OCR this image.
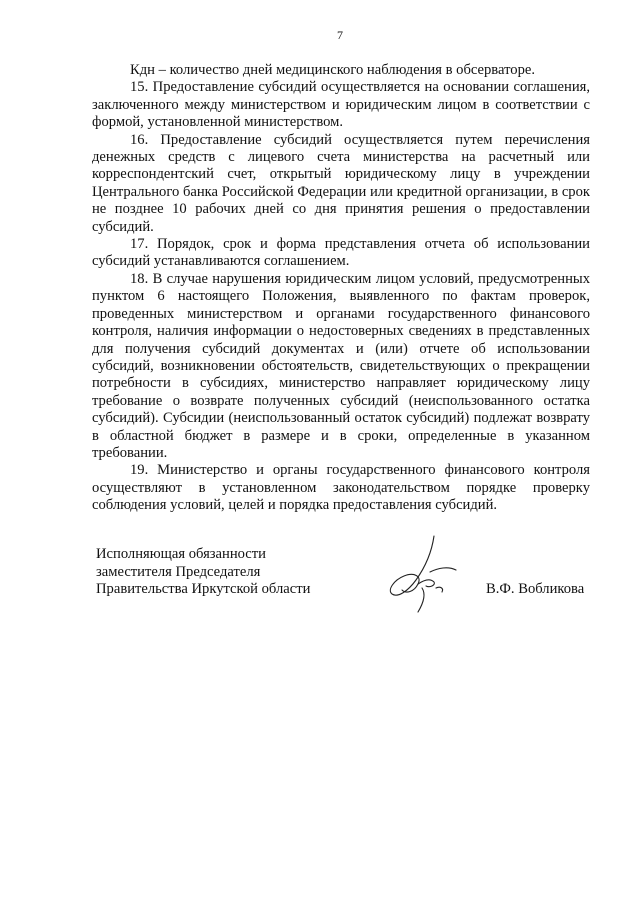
7

Кдн – количество дней медицинского наблюдения в обсерваторе.

15. Предоставление субсидий осуществляется на основании соглашения, заключенного между министерством и юридическим лицом в соответствии с формой, установленной министерством.

16. Предоставление субсидий осуществляется путем перечисления денежных средств с лицевого счета министерства на расчетный или корреспондентский счет, открытый юридическому лицу в учреждении Центрального банка Российской Федерации или кредитной организации, в срок не позднее 10 рабочих дней со дня принятия решения о предоставлении субсидий.

17. Порядок, срок и форма представления отчета об использовании субсидий устанавливаются соглашением.

18. В случае нарушения юридическим лицом условий, предусмотренных пунктом 6 настоящего Положения, выявленного по фактам проверок, проведенных министерством и органами государственного финансового контроля, наличия информации о недостоверных сведениях в представленных для получения субсидий документах и (или) отчете об использовании субсидий, возникновении обстоятельств, свидетельствующих о прекращении потребности в субсидиях, министерство направляет юридическому лицу требование о возврате полученных субсидий (неиспользованного остатка субсидий). Субсидии (неиспользованный остаток субсидий) подлежат возврату в областной бюджет в размере и в сроки, определенные в указанном требовании.

19. Министерство и органы государственного финансового контроля осуществляют в установленном законодательством порядке проверку соблюдения условий, целей и порядка предоставления субсидий.

Исполняющая обязанности
заместителя Председателя
Правительства Иркутской области	В.Ф. Вобликова
